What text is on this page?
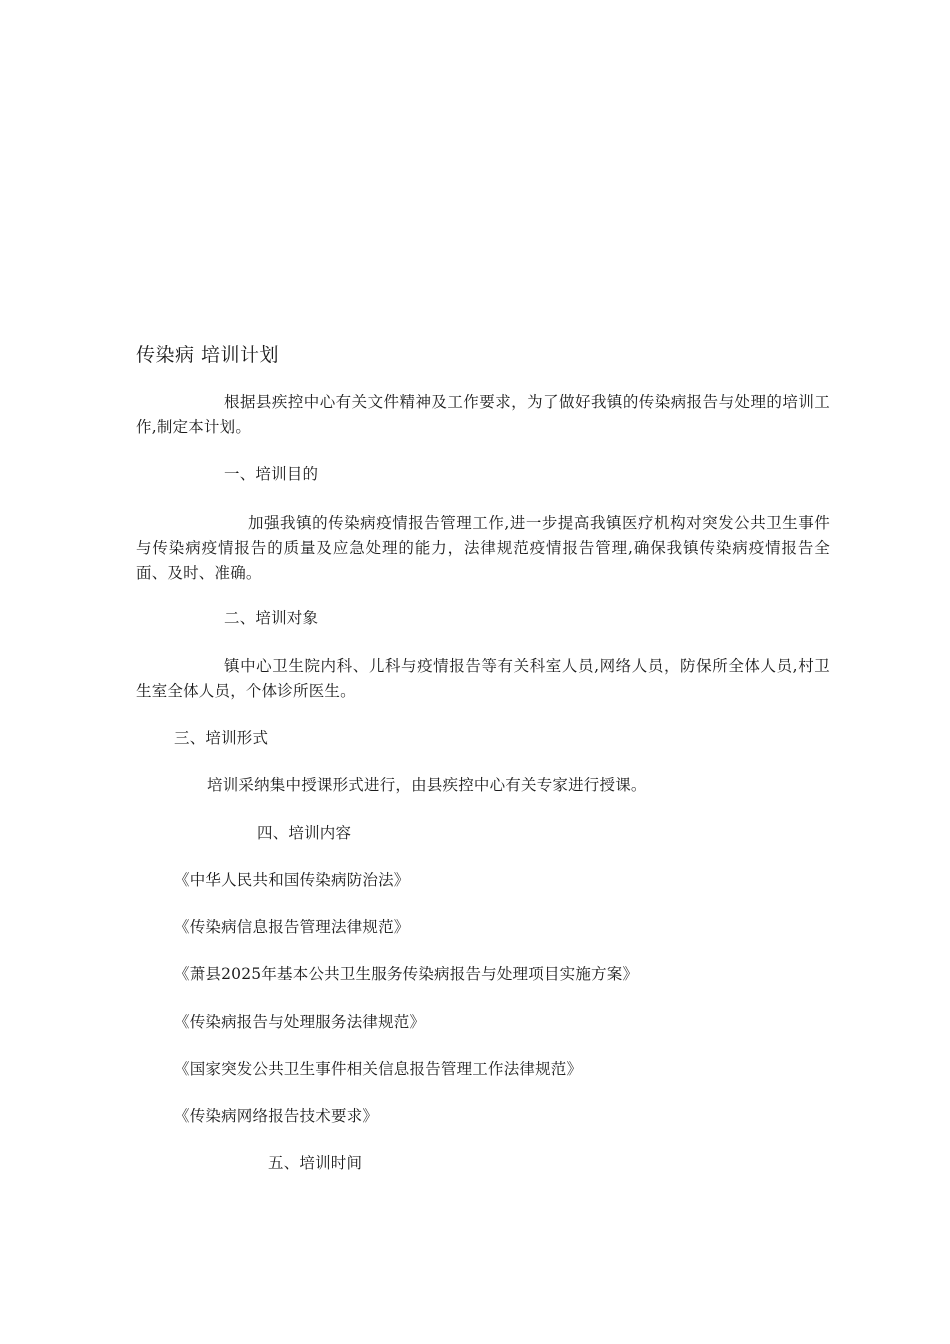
传染病 培训计划
根据县疾控中心有关文件精神及工作要求，为了做好我镇的传染病报告与处理的培训工作,制定本计划。
一、培训目的
加强我镇的传染病疫情报告管理工作,进一步提高我镇医疗机构对突发公共卫生事件与传染病疫情报告的质量及应急处理的能力，法律规范疫情报告管理,确保我镇传染病疫情报告全面、及时、准确。
二、培训对象
镇中心卫生院内科、儿科与疫情报告等有关科室人员,网络人员，防保所全体人员,村卫生室全体人员，个体诊所医生。
三、培训形式
培训采纳集中授课形式进行，由县疾控中心有关专家进行授课。
四、培训内容
《中华人民共和国传染病防治法》
《传染病信息报告管理法律规范》
《萧县2025年基本公共卫生服务传染病报告与处理项目实施方案》
《传染病报告与处理服务法律规范》
《国家突发公共卫生事件相关信息报告管理工作法律规范》
《传染病网络报告技术要求》
五、培训时间
